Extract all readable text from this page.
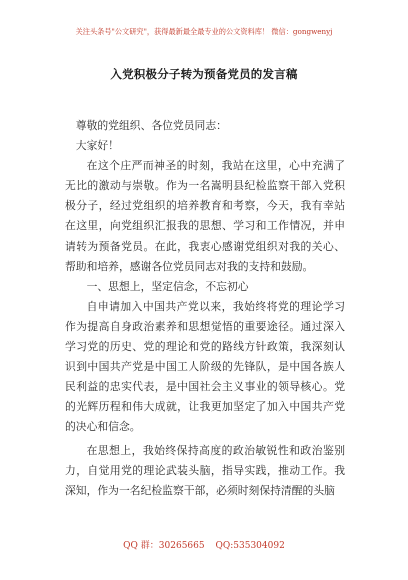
关注头条号"公文研究"，获得最新最全最专业的公文资料库！ 微信：gongwenyj
入党积极分子转为预备党员的发言稿

尊敬的党组织、各位党员同志：

大家好！

在这个庄严而神圣的时刻，我站在这里，心中充满了无比的激动与崇敬。作为一名嵩明县纪检监察干部入党积极分子，经过党组织的培养教育和考察，今天，我有幸站在这里，向党组织汇报我的思想、学习和工作情况，并申请转为预备党员。在此，我衷心感谢党组织对我的关心、帮助和培养，感谢各位党员同志对我的支持和鼓励。

一、思想上，坚定信念，不忘初心

自申请加入中国共产党以来，我始终将党的理论学习作为提高自身政治素养和思想觉悟的重要途径。通过深入学习党的历史、党的理论和党的路线方针政策，我深刻认识到中国共产党是中国工人阶级的先锋队，是中国各族人民利益的忠实代表，是中国社会主义事业的领导核心。党的光辉历程和伟大成就，让我更加坚定了加入中国共产党的决心和信念。

在思想上，我始终保持高度的政治敏锐性和政治鉴别力，自觉用党的理论武装头脑，指导实践，推动工作。我深知，作为一名纪检监察干部，必须时刻保持清醒的头脑

QQ 群：30265665 QQ:535304092
